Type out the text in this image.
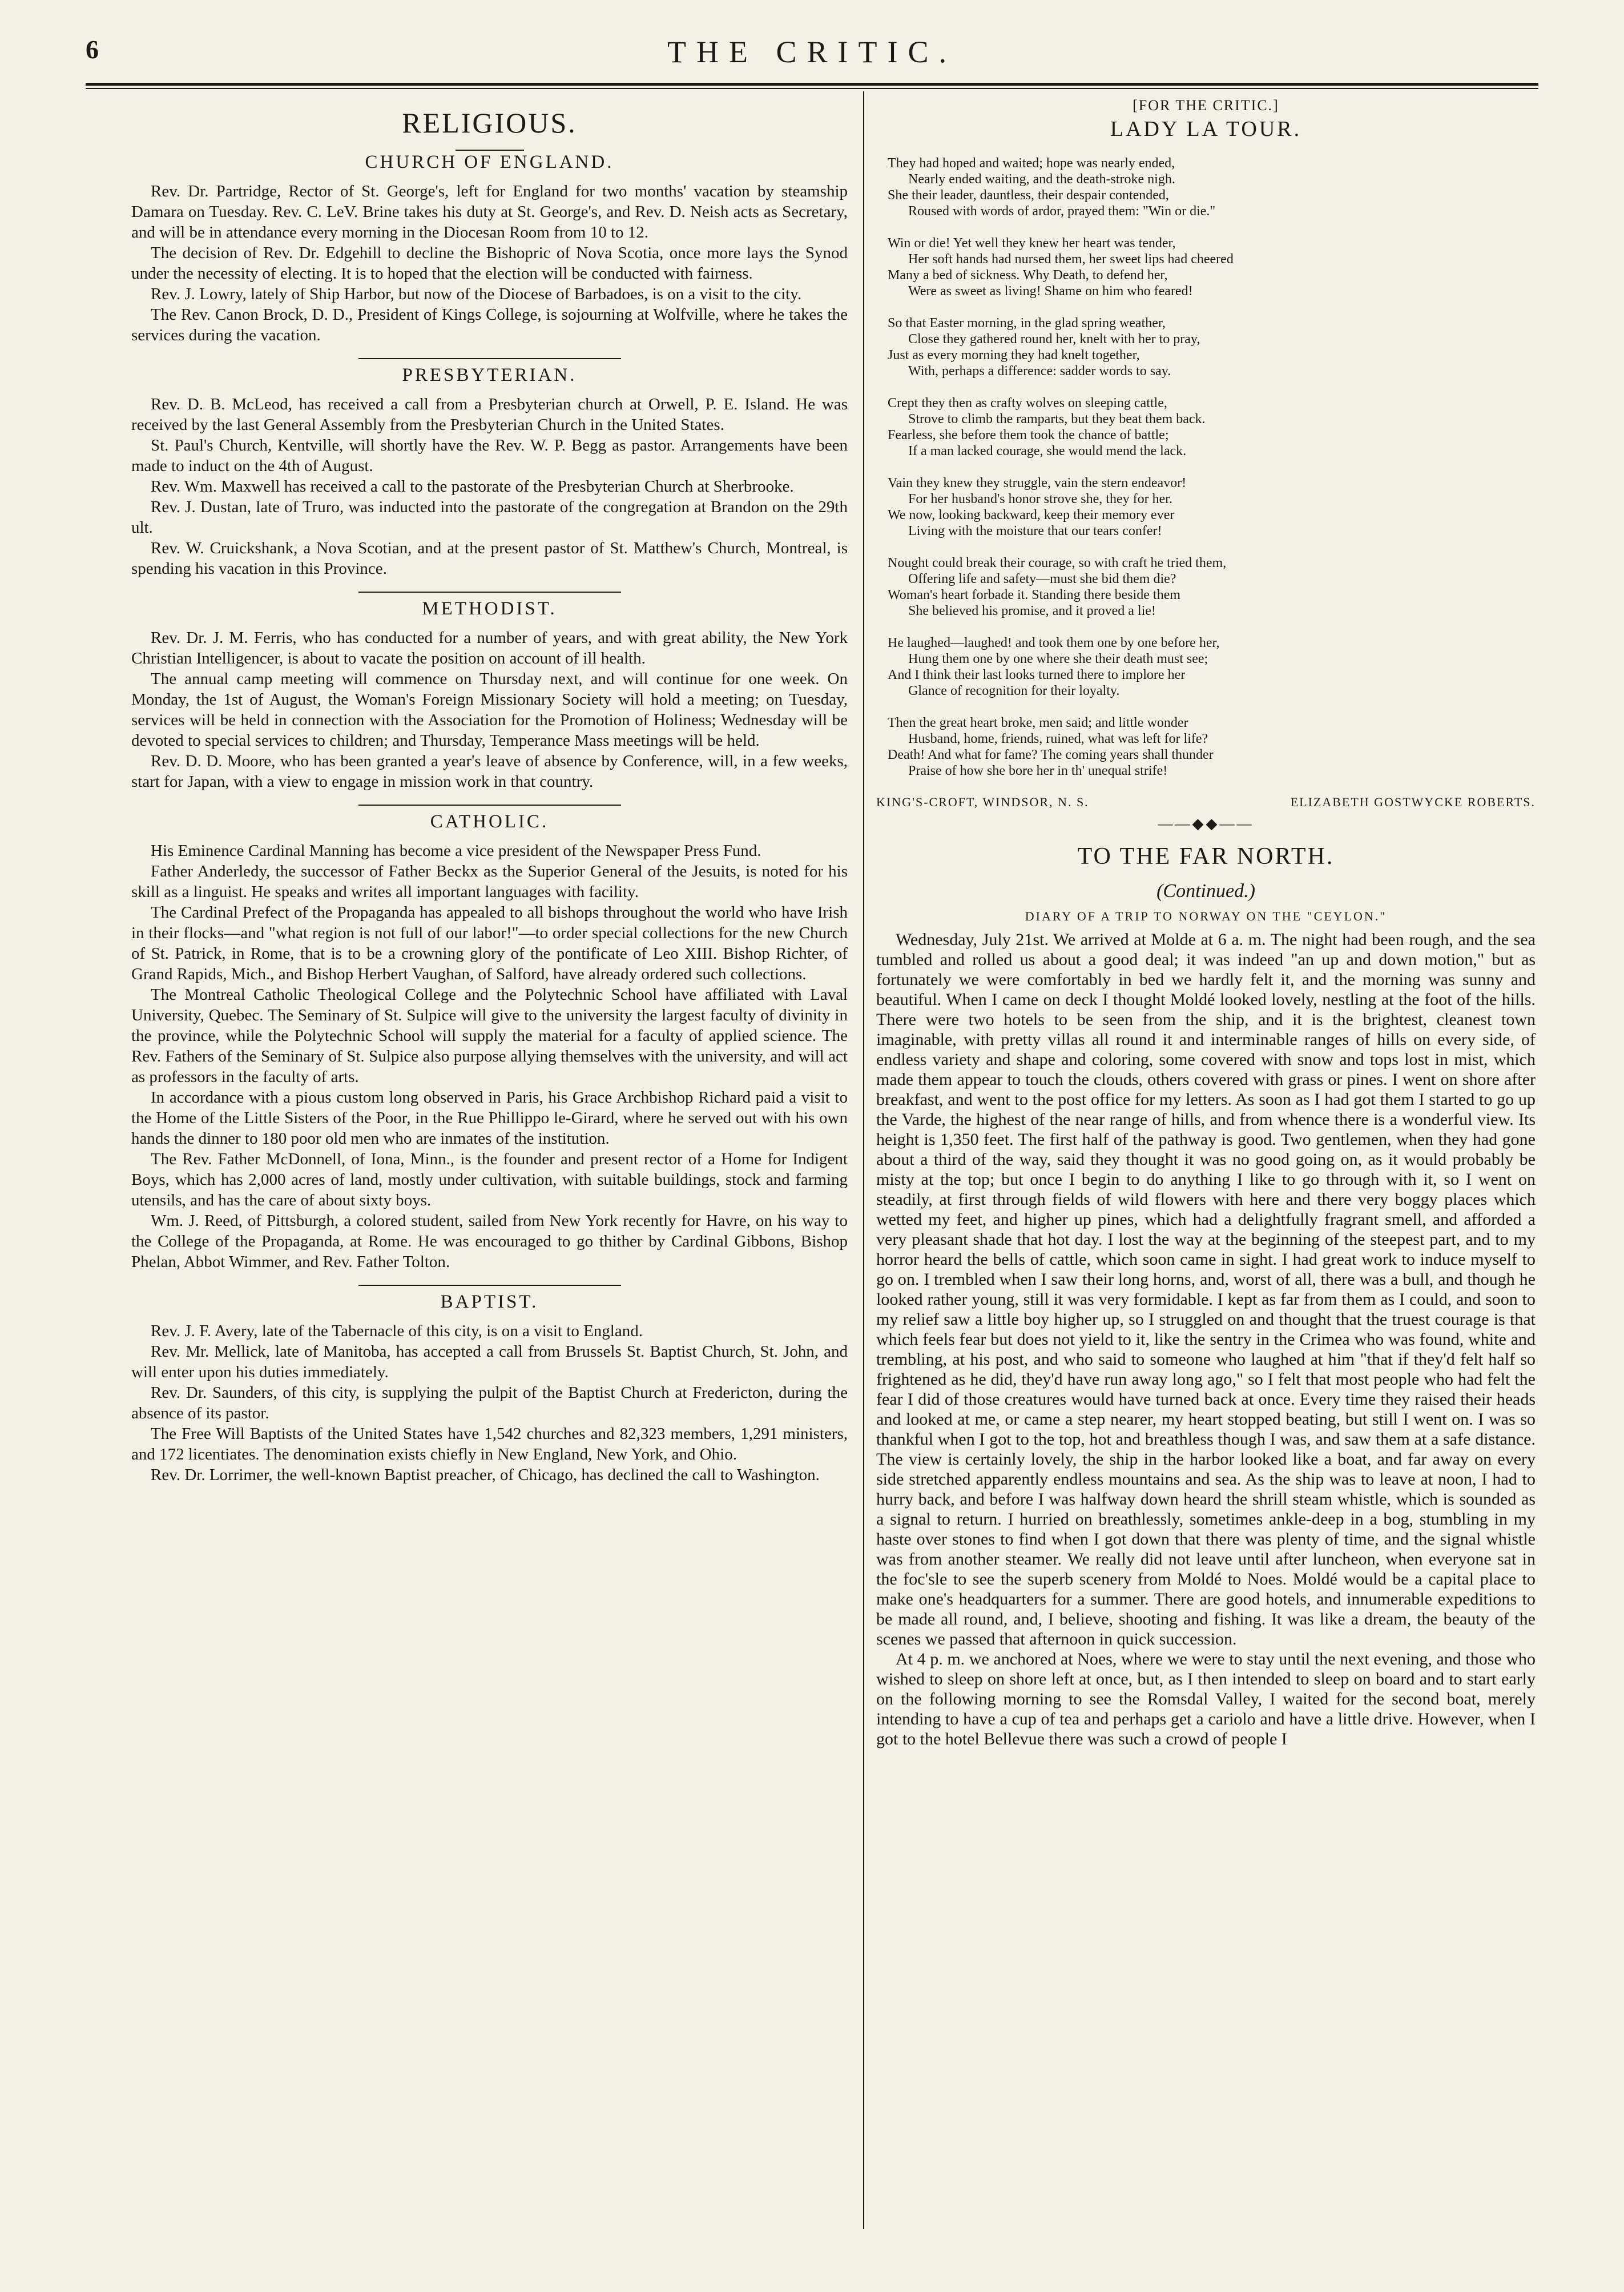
6	THE CRITIC.
RELIGIOUS.
CHURCH OF ENGLAND.

Rev. Dr. Partridge, Rector of St. George's, left for England for two months' vacation by steamship Damara on Tuesday. Rev. C. LeV. Brine takes his duty at St. George's, and Rev. D. Neish acts as Secretary, and will be in attendance every morning in the Diocesan Room from 10 to 12.

The decision of Rev. Dr. Edgehill to decline the Bishopric of Nova Scotia, once more lays the Synod under the necessity of electing. It is to hoped that the election will be conducted with fairness.

Rev. J. Lowry, lately of Ship Harbor, but now of the Diocese of Barbadoes, is on a visit to the city.

The Rev. Canon Brock, D. D., President of Kings College, is sojourning at Wolfville, where he takes the services during the vacation.

PRESBYTERIAN.

Rev. D. B. McLeod, has received a call from a Presbyterian church at Orwell, P. E. Island. He was received by the last General Assembly from the Presbyterian Church in the United States.

St. Paul's Church, Kentville, will shortly have the Rev. W. P. Begg as pastor. Arrangements have been made to induct on the 4th of August.

Rev. Wm. Maxwell has received a call to the pastorate of the Presbyterian Church at Sherbrooke.

Rev. J. Dustan, late of Truro, was inducted into the pastorate of the congregation at Brandon on the 29th ult.

Rev. W. Cruickshank, a Nova Scotian, and at the present pastor of St. Matthew's Church, Montreal, is spending his vacation in this Province.

METHODIST.

Rev. Dr. J. M. Ferris, who has conducted for a number of years, and with great ability, the New York Christian Intelligencer, is about to vacate the position on account of ill health.

The annual camp meeting will commence on Thursday next, and will continue for one week. On Monday, the 1st of August, the Woman's Foreign Missionary Society will hold a meeting; on Tuesday, services will be held in connection with the Association for the Promotion of Holiness; Wednesday will be devoted to special services to children; and Thursday, Temperance Mass meetings will be held.

Rev. D. D. Moore, who has been granted a year's leave of absence by Conference, will, in a few weeks, start for Japan, with a view to engage in mission work in that country.

CATHOLIC.

His Eminence Cardinal Manning has become a vice president of the Newspaper Press Fund.

Father Anderledy, the successor of Father Beckx as the Superior General of the Jesuits, is noted for his skill as a linguist. He speaks and writes all important languages with facility.

The Cardinal Prefect of the Propaganda has appealed to all bishops throughout the world who have Irish in their flocks—and "what region is not full of our labor!"—to order special collections for the new Church of St. Patrick, in Rome, that is to be a crowning glory of the pontificate of Leo XIII. Bishop Richter, of Grand Rapids, Mich., and Bishop Herbert Vaughan, of Salford, have already ordered such collections.

The Montreal Catholic Theological College and the Polytechnic School have affiliated with Laval University, Quebec. The Seminary of St. Sulpice will give to the university the largest faculty of divinity in the province, while the Polytechnic School will supply the material for a faculty of applied science. The Rev. Fathers of the Seminary of St. Sulpice also purpose allying themselves with the university, and will act as professors in the faculty of arts.

In accordance with a pious custom long observed in Paris, his Grace Archbishop Richard paid a visit to the Home of the Little Sisters of the Poor, in the Rue Phillippo le-Girard, where he served out with his own hands the dinner to 180 poor old men who are inmates of the institution.

The Rev. Father McDonnell, of Iona, Minn., is the founder and present rector of a Home for Indigent Boys, which has 2,000 acres of land, mostly under cultivation, with suitable buildings, stock and farming utensils, and has the care of about sixty boys.

Wm. J. Reed, of Pittsburgh, a colored student, sailed from New York recently for Havre, on his way to the College of the Propaganda, at Rome. He was encouraged to go thither by Cardinal Gibbons, Bishop Phelan, Abbot Wimmer, and Rev. Father Tolton.

BAPTIST.

Rev. J. F. Avery, late of the Tabernacle of this city, is on a visit to England.

Rev. Mr. Mellick, late of Manitoba, has accepted a call from Brussels St. Baptist Church, St. John, and will enter upon his duties immediately.

Rev. Dr. Saunders, of this city, is supplying the pulpit of the Baptist Church at Fredericton, during the absence of its pastor.

The Free Will Baptists of the United States have 1,542 churches and 82,323 members, 1,291 ministers, and 172 licentiates. The denomination exists chiefly in New England, New York, and Ohio.

Rev. Dr. Lorrimer, the well-known Baptist preacher, of Chicago, has declined the call to Washington.

[FOR THE CRITIC.]
LADY LA TOUR.

They had hoped and waited; hope was nearly ended,

Nearly ended waiting, and the death-stroke nigh.

She their leader, dauntless, their despair contended,

Roused with words of ardor, prayed them: "Win or die."

Win or die! Yet well they knew her heart was tender,

Her soft hands had nursed them, her sweet lips had cheered

Many a bed of sickness. Why Death, to defend her,

Were as sweet as living! Shame on him who feared!

So that Easter morning, in the glad spring weather,

Close they gathered round her, knelt with her to pray,

Just as every morning they had knelt together,

With, perhaps a difference: sadder words to say.

Crept they then as crafty wolves on sleeping cattle,

Strove to climb the ramparts, but they beat them back.

Fearless, she before them took the chance of battle;

If a man lacked courage, she would mend the lack.

Vain they knew they struggle, vain the stern endeavor!

For her husband's honor strove she, they for her.

We now, looking backward, keep their memory ever

Living with the moisture that our tears confer!

Nought could break their courage, so with craft he tried them,

Offering life and safety—must she bid them die?

Woman's heart forbade it. Standing there beside them

She believed his promise, and it proved a lie!

He laughed—laughed! and took them one by one before her,

Hung them one by one where she their death must see;

And I think their last looks turned there to implore her

Glance of recognition for their loyalty.

Then the great heart broke, men said; and little wonder

Husband, home, friends, ruined, what was left for life?

Death! And what for fame? The coming years shall thunder

Praise of how she bore her in th' unequal strife!

KING'S-CROFT, WINDSOR, N. S.	ELIZABETH GOSTWYCKE ROBERTS.
——◆◆——
TO THE FAR NORTH.
(Continued.)
DIARY OF A TRIP TO NORWAY ON THE "CEYLON."

Wednesday, July 21st. We arrived at Molde at 6 a. m. The night had been rough, and the sea tumbled and rolled us about a good deal; it was indeed "an up and down motion," but as fortunately we were comfortably in bed we hardly felt it, and the morning was sunny and beautiful. When I came on deck I thought Moldé looked lovely, nestling at the foot of the hills. There were two hotels to be seen from the ship, and it is the brightest, cleanest town imaginable, with pretty villas all round it and interminable ranges of hills on every side, of endless variety and shape and coloring, some covered with snow and tops lost in mist, which made them appear to touch the clouds, others covered with grass or pines. I went on shore after breakfast, and went to the post office for my letters. As soon as I had got them I started to go up the Varde, the highest of the near range of hills, and from whence there is a wonderful view. Its height is 1,350 feet. The first half of the pathway is good. Two gentlemen, when they had gone about a third of the way, said they thought it was no good going on, as it would probably be misty at the top; but once I begin to do anything I like to go through with it, so I went on steadily, at first through fields of wild flowers with here and there very boggy places which wetted my feet, and higher up pines, which had a delightfully fragrant smell, and afforded a very pleasant shade that hot day. I lost the way at the beginning of the steepest part, and to my horror heard the bells of cattle, which soon came in sight. I had great work to induce myself to go on. I trembled when I saw their long horns, and, worst of all, there was a bull, and though he looked rather young, still it was very formidable. I kept as far from them as I could, and soon to my relief saw a little boy higher up, so I struggled on and thought that the truest courage is that which feels fear but does not yield to it, like the sentry in the Crimea who was found, white and trembling, at his post, and who said to someone who laughed at him "that if they'd felt half so frightened as he did, they'd have run away long ago," so I felt that most people who had felt the fear I did of those creatures would have turned back at once. Every time they raised their heads and looked at me, or came a step nearer, my heart stopped beating, but still I went on. I was so thankful when I got to the top, hot and breathless though I was, and saw them at a safe distance. The view is certainly lovely, the ship in the harbor looked like a boat, and far away on every side stretched apparently endless mountains and sea. As the ship was to leave at noon, I had to hurry back, and before I was halfway down heard the shrill steam whistle, which is sounded as a signal to return. I hurried on breathlessly, sometimes ankle-deep in a bog, stumbling in my haste over stones to find when I got down that there was plenty of time, and the signal whistle was from another steamer. We really did not leave until after luncheon, when everyone sat in the foc'sle to see the superb scenery from Moldé to Noes. Moldé would be a capital place to make one's headquarters for a summer. There are good hotels, and innumerable expeditions to be made all round, and, I believe, shooting and fishing. It was like a dream, the beauty of the scenes we passed that afternoon in quick succession.

At 4 p. m. we anchored at Noes, where we were to stay until the next evening, and those who wished to sleep on shore left at once, but, as I then intended to sleep on board and to start early on the following morning to see the Romsdal Valley, I waited for the second boat, merely intending to have a cup of tea and perhaps get a cariolo and have a little drive. However, when I got to the hotel Bellevue there was such a crowd of people I
